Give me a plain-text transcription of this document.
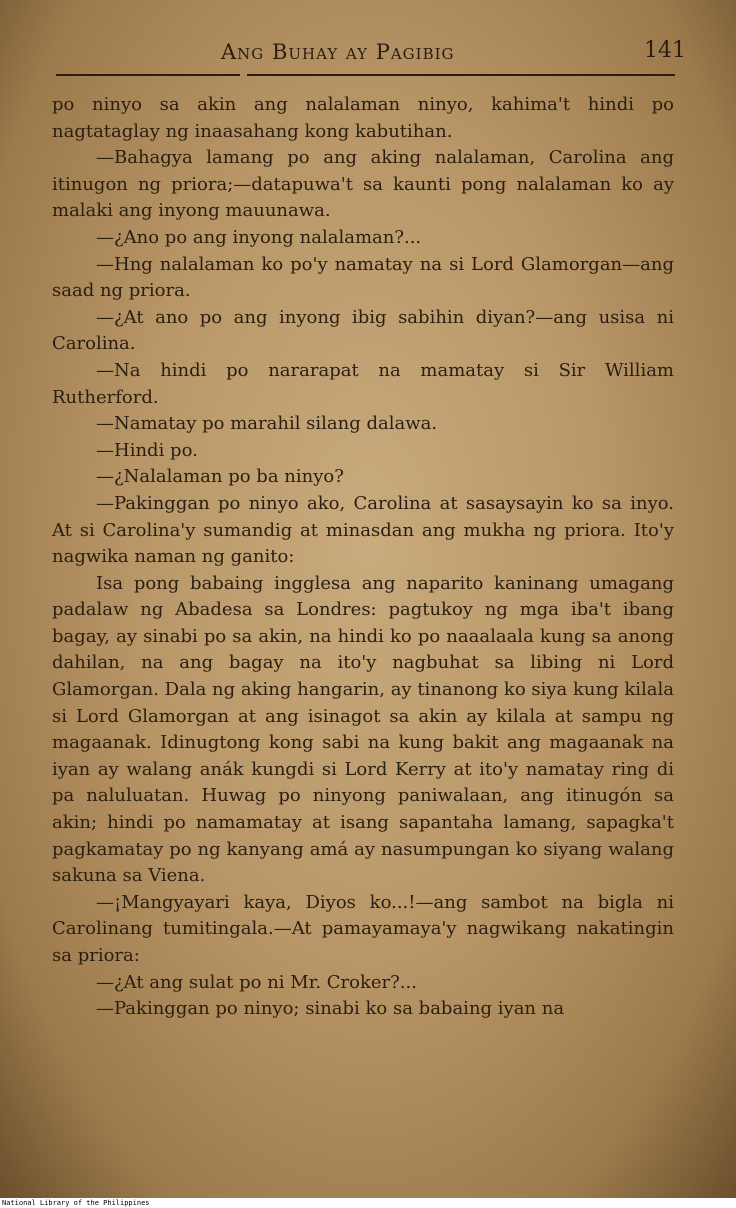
Ang Buhay ay Pagibig	141

po ninyo sa akin ang nalalaman ninyo, kahima't hindi po nagtataglay ng inaasahang kong kabutihan.

—Bahagya lamang po ang aking nalalaman, Carolina ang itinugon ng priora;—datapuwa't sa kaunti pong nalalaman ko ay malaki ang inyong mauunawa.

—¿Ano po ang inyong nalalaman?...

—Hng nalalaman ko po'y namatay na si Lord Glamorgan—ang saad ng priora.

—¿At ano po ang inyong ibig sabihin diyan?—ang usisa ni Carolina.

—Na hindi po nararapat na mamatay si Sir William Rutherford.

—Namatay po marahil silang dalawa.

—Hindi po.

—¿Nalalaman po ba ninyo?

—Pakinggan po ninyo ako, Carolina at sasaysayin ko sa inyo. At si Carolina'y sumandig at minasdan ang mukha ng priora. Ito'y nagwika naman ng ganito:

Isa pong babaing ingglesa ang naparito kaninang umagang padalaw ng Abadesa sa Londres: pagtukoy ng mga iba't ibang bagay, ay sinabi po sa akin, na hindi ko po naaalaala kung sa anong dahilan, na ang bagay na ito'y nagbuhat sa libing ni Lord Glamorgan. Dala ng aking hangarin, ay tinanong ko siya kung kilala si Lord Glamorgan at ang isinagot sa akin ay kilala at sampu ng magaanak. Idinugtong kong sabi na kung bakit ang magaanak na iyan ay walang anák kungdi si Lord Kerry at ito'y namatay ring di pa naluluatan. Huwag po ninyong paniwalaan, ang itinugón sa akin; hindi po namamatay at isang sapantaha lamang, sapagka't pagkamatay po ng kanyang amá ay nasumpungan ko siyang walang sakuna sa Viena.

—¡Mangyayari kaya, Diyos ko...!—ang sambot na bigla ni Carolinang tumitingala.—At pamayamaya'y nagwikang nakatingin sa priora:

—¿At ang sulat po ni Mr. Croker?...

—Pakinggan po ninyo; sinabi ko sa babaing iyan na

National Library of the Philippines
